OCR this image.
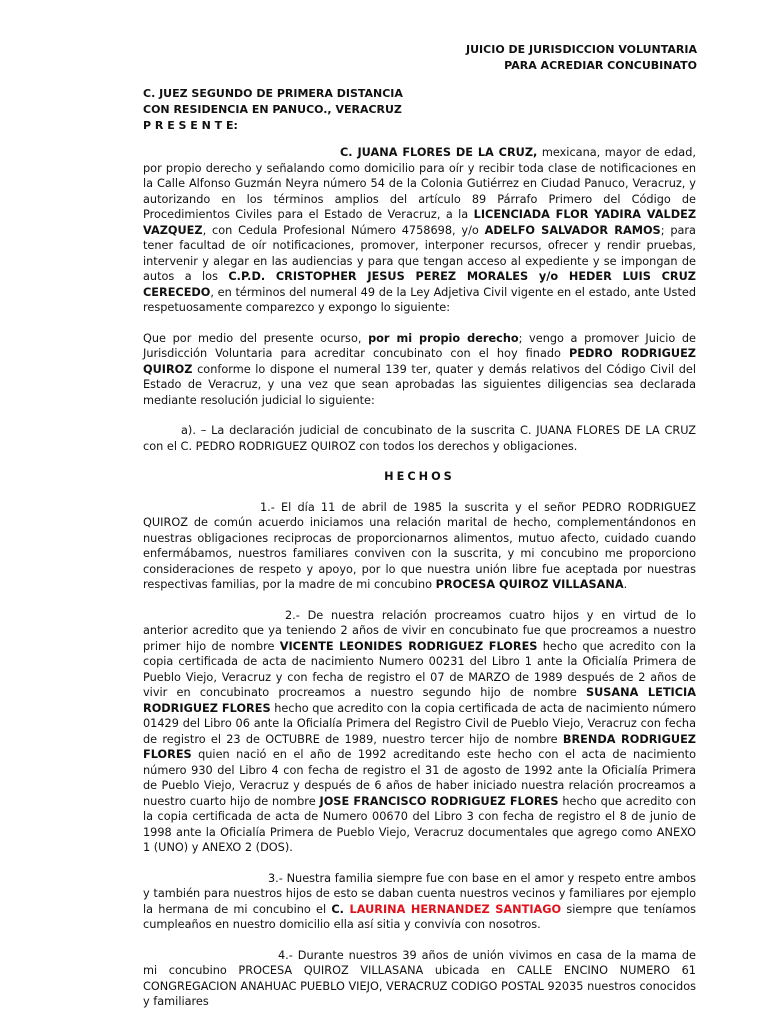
JUICIO DE JURISDICCION VOLUNTARIA
PARA ACREDIAR CONCUBINATO
C. JUEZ SEGUNDO DE PRIMERA DISTANCIA
CON RESIDENCIA EN PANUCO., VERACRUZ
P R E S E N T E:

C. JUANA FLORES DE LA CRUZ, mexicana, mayor de edad, por propio derecho y señalando como domicilio para oír y recibir toda clase de notificaciones en la Calle Alfonso Guzmán Neyra número 54 de la Colonia Gutiérrez en Ciudad Panuco, Veracruz, y autorizando en los términos amplios del artículo 89 Párrafo Primero del Código de Procedimientos Civiles para el Estado de Veracruz, a la LICENCIADA FLOR YADIRA VALDEZ VAZQUEZ, con Cedula Profesional Número 4758698, y/o ADELFO SALVADOR RAMOS; para tener facultad de oír notificaciones, promover, interponer recursos, ofrecer y rendir pruebas, intervenir y alegar en las audiencias y para que tengan acceso al expediente y se impongan de autos a los C.P.D. CRISTOPHER JESUS PEREZ MORALES y/o HEDER LUIS CRUZ CERECEDO, en términos del numeral 49 de la Ley Adjetiva Civil vigente en el estado, ante Usted respetuosamente comparezco y expongo lo siguiente:

Que por medio del presente ocurso, por mi propio derecho; vengo a promover Juicio de Jurisdicción Voluntaria para acreditar concubinato con el hoy finado PEDRO RODRIGUEZ QUIROZ conforme lo dispone el numeral 139 ter, quater y demás relativos del Código Civil del Estado de Veracruz, y una vez que sean aprobadas las siguientes diligencias sea declarada mediante resolución judicial lo siguiente:

a). – La declaración judicial de concubinato de la suscrita C. JUANA FLORES DE LA CRUZ con el C. PEDRO RODRIGUEZ QUIROZ con todos los derechos y obligaciones.

HECHOS

1.- El día 11 de abril de 1985 la suscrita y el señor PEDRO RODRIGUEZ QUIROZ de común acuerdo iniciamos una relación marital de hecho, complementándonos en nuestras obligaciones reciprocas de proporcionarnos alimentos, mutuo afecto, cuidado cuando enfermábamos, nuestros familiares conviven con la suscrita, y mi concubino me proporciono consideraciones de respeto y apoyo, por lo que nuestra unión libre fue aceptada por nuestras respectivas familias, por la madre de mi concubino PROCESA QUIROZ VILLASANA.

2.- De nuestra relación procreamos cuatro hijos y en virtud de lo anterior acredito que ya teniendo 2 años de vivir en concubinato fue que procreamos a nuestro primer hijo de nombre VICENTE LEONIDES RODRIGUEZ FLORES hecho que acredito con la copia certificada de acta de nacimiento Numero 00231 del Libro 1 ante la Oficialía Primera de Pueblo Viejo, Veracruz y con fecha de registro el 07 de MARZO de 1989 después de 2 años de vivir en concubinato procreamos a nuestro segundo hijo de nombre SUSANA LETICIA RODRIGUEZ FLORES hecho que acredito con la copia certificada de acta de nacimiento número 01429 del Libro 06 ante la Oficialía Primera del Registro Civil de Pueblo Viejo, Veracruz con fecha de registro el 23 de OCTUBRE de 1989, nuestro tercer hijo de nombre BRENDA RODRIGUEZ FLORES quien nació en el año de 1992 acreditando este hecho con el acta de nacimiento número 930 del Libro 4 con fecha de registro el 31 de agosto de 1992 ante la Oficialía Primera de Pueblo Viejo, Veracruz y después de 6 años de haber iniciado nuestra relación procreamos a nuestro cuarto hijo de nombre JOSE FRANCISCO RODRIGUEZ FLORES hecho que acredito con la copia certificada de acta de Numero 00670 del Libro 3 con fecha de registro el 8 de junio de 1998 ante la Oficialía Primera de Pueblo Viejo, Veracruz documentales que agrego como ANEXO 1 (UNO) y ANEXO 2 (DOS).

3.- Nuestra familia siempre fue con base en el amor y respeto entre ambos y también para nuestros hijos de esto se daban cuenta nuestros vecinos y familiares por ejemplo la hermana de mi concubino el C. LAURINA HERNANDEZ SANTIAGO siempre que teníamos cumpleaños en nuestro domicilio ella así sitia y convivía con nosotros.

4.- Durante nuestros 39 años de unión vivimos en casa de la mama de mi concubino PROCESA QUIROZ VILLASANA ubicada en CALLE ENCINO NUMERO 61 CONGREGACION ANAHUAC PUEBLO VIEJO, VERACRUZ CODIGO POSTAL 92035 nuestros conocidos y familiares
